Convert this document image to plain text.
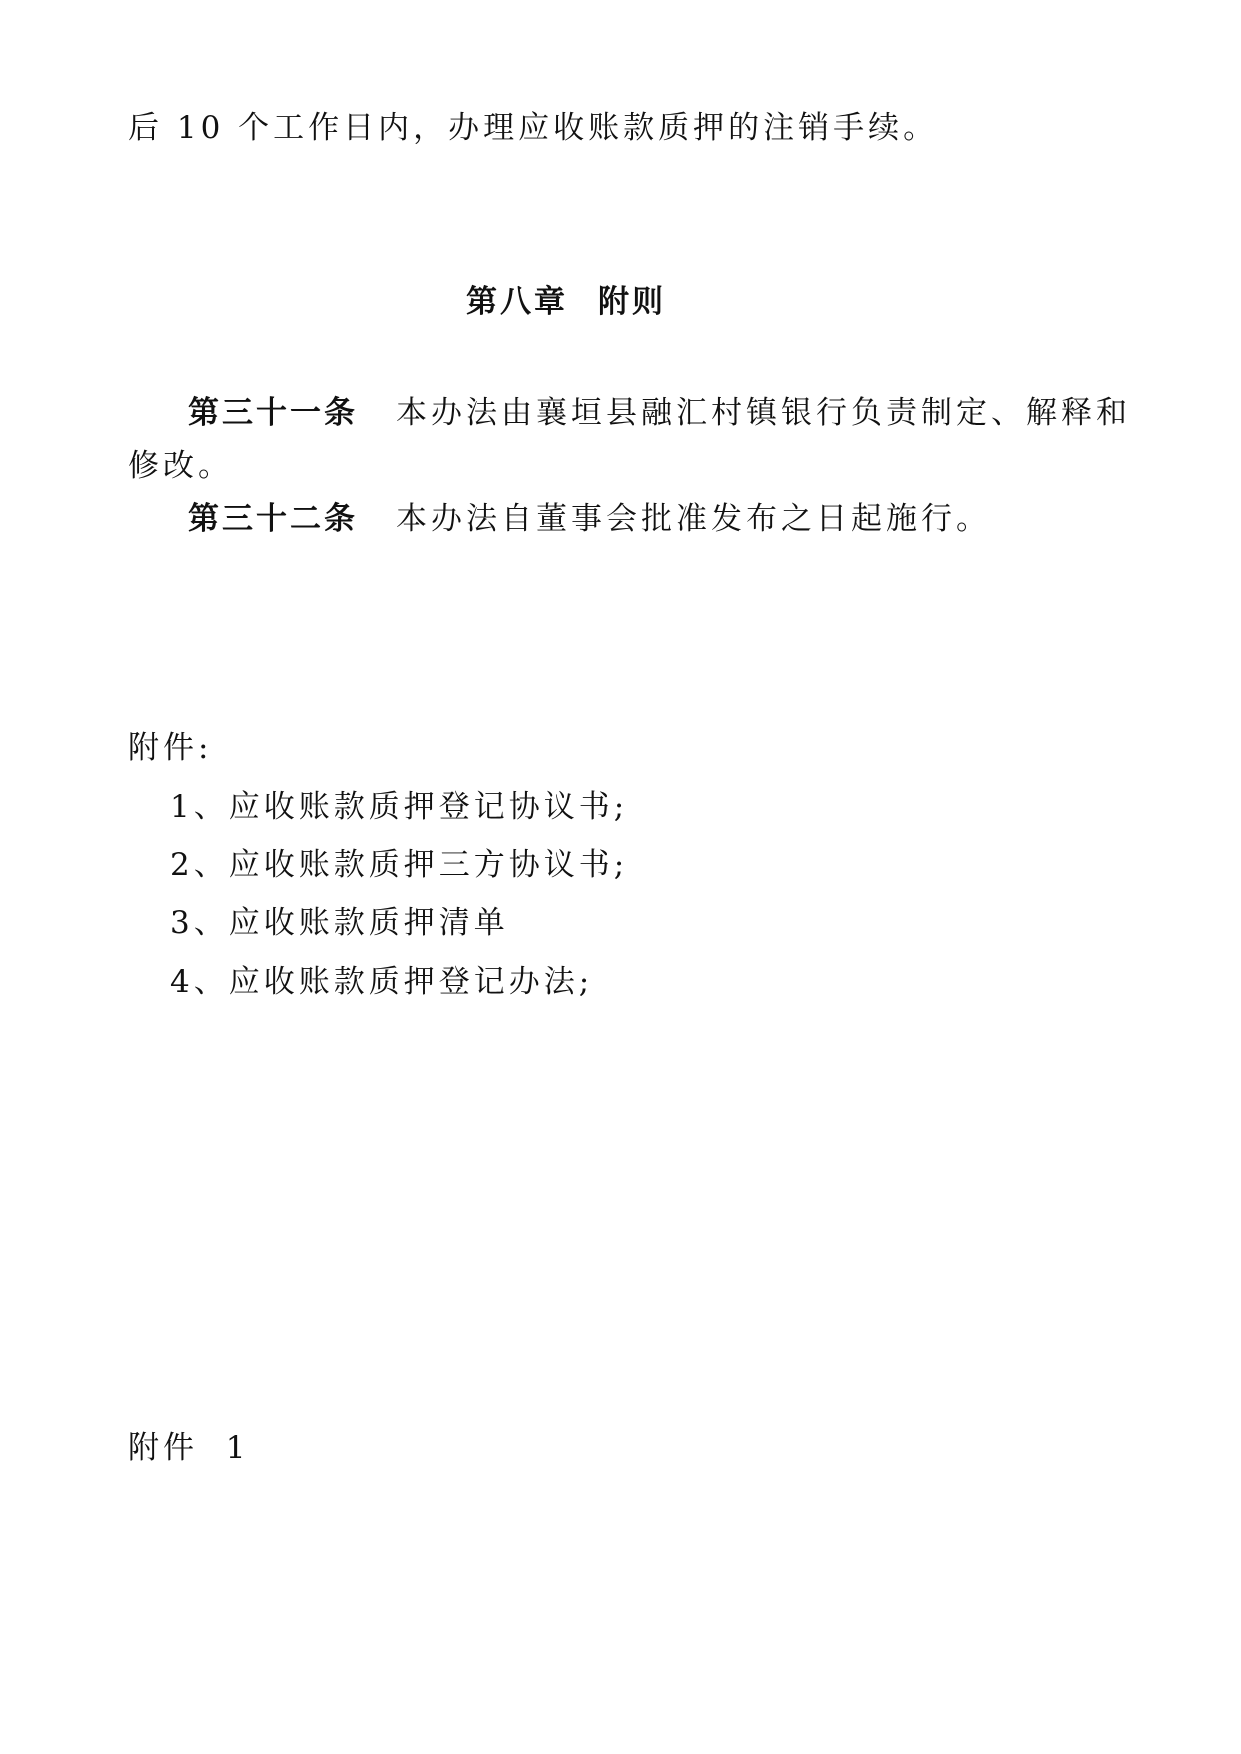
后 10 个工作日内，办理应收账款质押的注销手续。
第八章 附则
第三十一条 本办法由襄垣县融汇村镇银行负责制定、解释和
修改。
第三十二条 本办法自董事会批准发布之日起施行。
附件:
1、应收账款质押登记协议书;
2、应收账款质押三方协议书;
3、应收账款质押清单
4、应收账款质押登记办法;
附件  1
